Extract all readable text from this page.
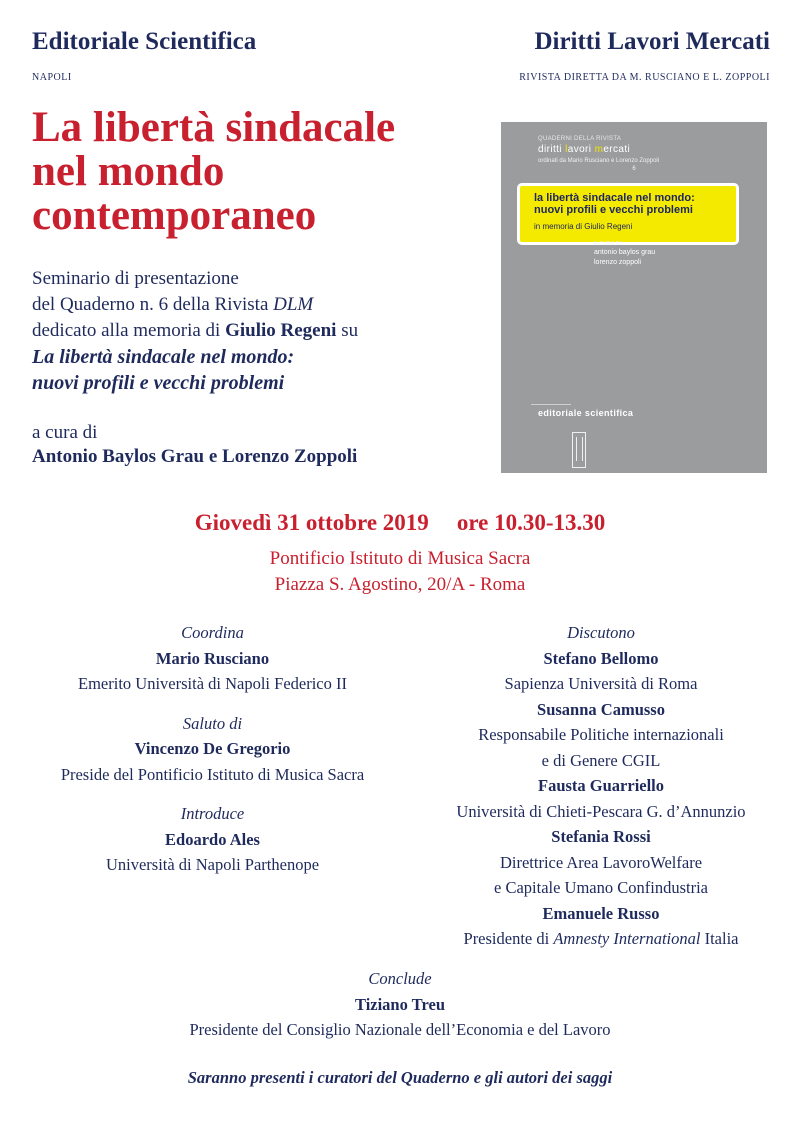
Editoriale Scientifica
NAPOLI
Diritti Lavori Mercati
RIVISTA DIRETTA DA M. RUSCIANO E L. ZOPPOLI
La libertà sindacale
nel mondo
contemporaneo
Seminario di presentazione
del Quaderno n. 6 della Rivista DLM
dedicato alla memoria di Giulio Regeni su
La libertà sindacale nel mondo:
nuovi profili e vecchi problemi
a cura di
Antonio Baylos Grau e Lorenzo Zoppoli
QUADERNI DELLA RIVISTA
diritti lavori mercati
ordinati da Mario Rusciano e Lorenzo Zoppoli
6
la libertà sindacale nel mondo:
nuovi profili e vecchi problemi
in memoria di Giulio Regeni
A CURA DI
antonio baylos grau
lorenzo zoppoli
editoriale scientifica
Giovedì 31 ottobre 2019 ore 10.30-13.30
Pontificio Istituto di Musica Sacra
Piazza S. Agostino, 20/A - Roma
Coordina
Mario Rusciano
Emerito Università di Napoli Federico II
Saluto di
Vincenzo De Gregorio
Preside del Pontificio Istituto di Musica Sacra
Introduce
Edoardo Ales
Università di Napoli Parthenope
Discutono
Stefano Bellomo
Sapienza Università di Roma
Susanna Camusso
Responsabile Politiche internazionali
e di Genere CGIL
Fausta Guarriello
Università di Chieti-Pescara G. d’Annunzio
Stefania Rossi
Direttrice Area LavoroWelfare
e Capitale Umano Confindustria
Emanuele Russo
Presidente di Amnesty International Italia
Conclude
Tiziano Treu
Presidente del Consiglio Nazionale dell’Economia e del Lavoro
Saranno presenti i curatori del Quaderno e gli autori dei saggi
